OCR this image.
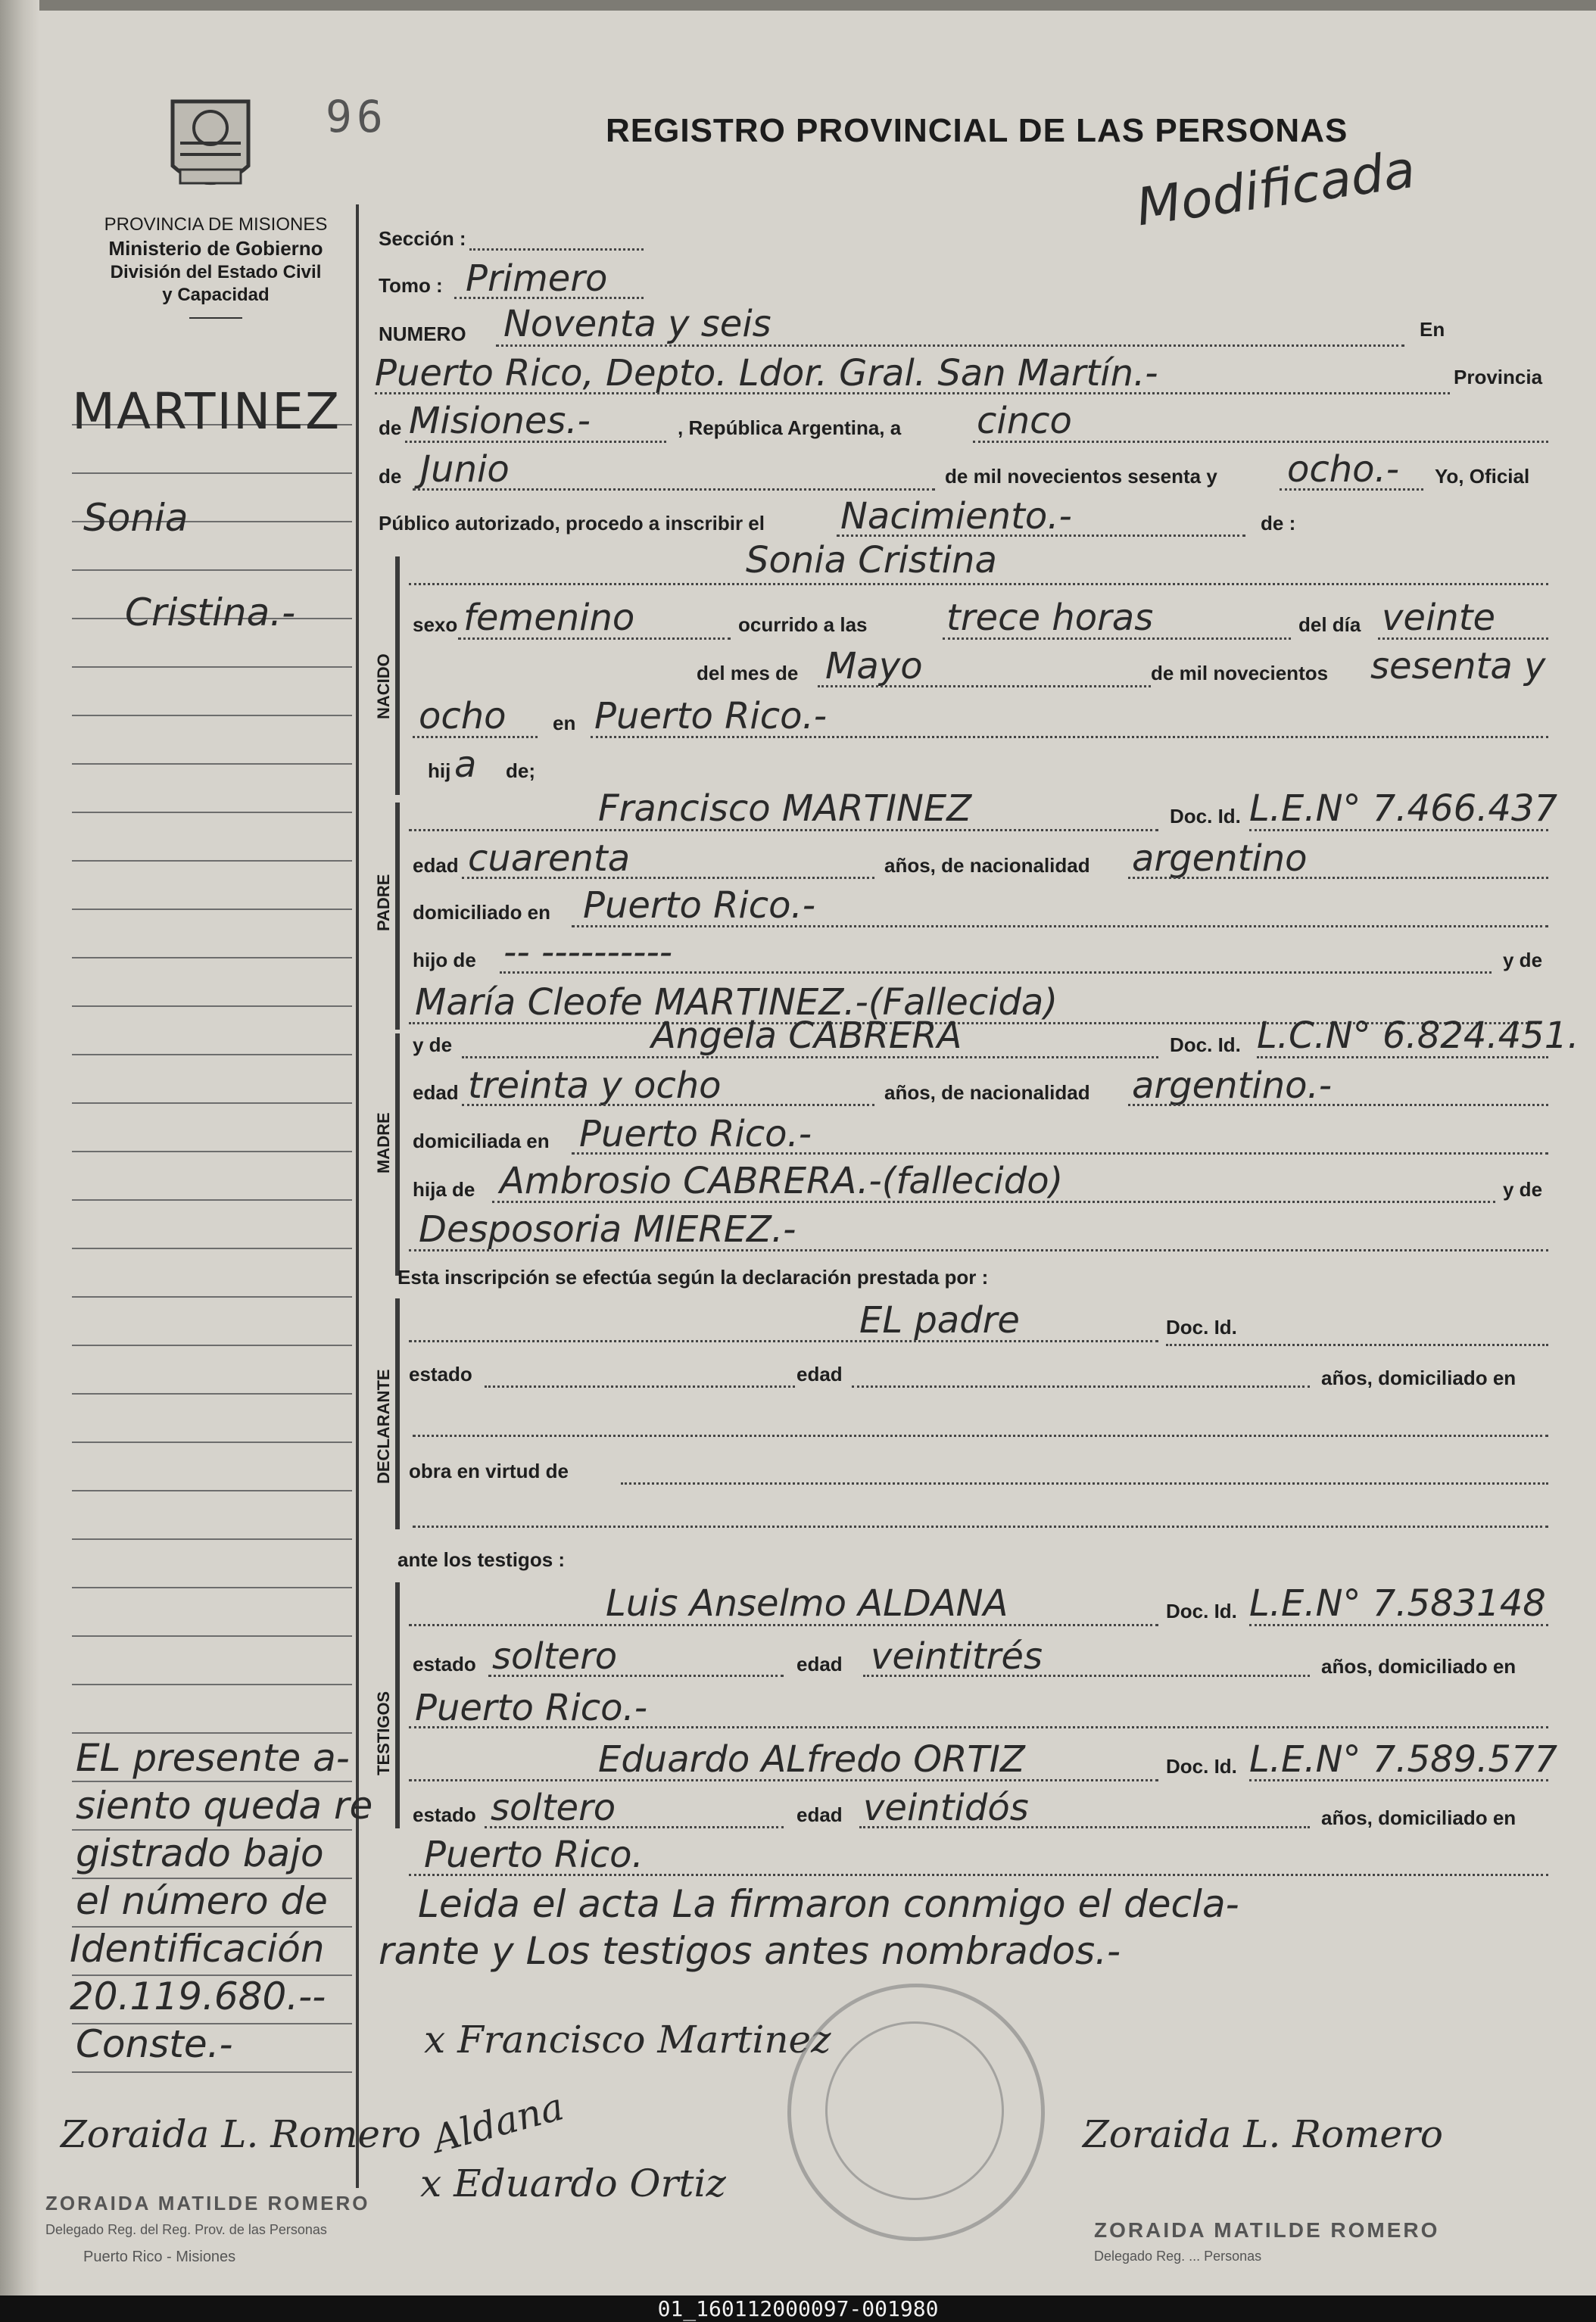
96	REGISTRO PROVINCIAL DE LAS PERSONAS
Modificada
PROVINCIA DE MISIONES
Ministerio de Gobierno
División del Estado Civil
y Capacidad
MARTINEZ
Sonia
Cristina.-
EL presente a-
siento queda re
gistrado bajo
el número de
Identificación
20.119.680.--
Conste.-
Zoraida L. Romero
ZORAIDA MATILDE ROMERO
Delegado Reg. del Reg. Prov. de las Personas
Puerto Rico - Misiones
Sección :
Tomo : Primero
NUMERO Noventa y seis	En
Puerto Rico, Depto. Ldor. Gral. San Martín.-	Provincia
de Misiones.-	, República Argentina, a cinco
de Junio	de mil novecientos sesenta y ocho.- Yo, Oficial
Público autorizado, procedo a inscribir el Nacimiento.-	de :
NACIDO
Sonia Cristina
sexo femenino	ocurrido a las trece horas	del día veinte
del mes de Mayo	de mil novecientos sesenta y
ocho en Puerto Rico.-
hij a de;
PADRE
Francisco MARTINEZ	Doc. Id. L.E.N° 7.466.437
edad cuarenta	años, de nacionalidad argentino
domiciliado en Puerto Rico.-
hijo de -- ----------	y de
María Cleofe MARTINEZ.-(Fallecida)
MADRE
y de	Angela CABRERA	Doc. Id. L.C.N° 6.824.451.
edad treinta y ocho	años, de nacionalidad argentino.-
domiciliada en Puerto Rico.-
hija de Ambrosio CABRERA.-(fallecido)	y de
Desposoria MIEREZ.-
Esta inscripción se efectúa según la declaración prestada por :
DECLARANTE
EL padre	Doc. Id.
estado	edad	años, domiciliado en
obra en virtud de
ante los testigos :
TESTIGOS
Luis Anselmo ALDANA	Doc. Id. L.E.N° 7.583148
estado soltero	edad veintitrés	años, domiciliado en
Puerto Rico.-
Eduardo ALfredo ORTIZ	Doc. Id. L.E.N° 7.589.577
estado soltero	edad veintidós	años, domiciliado en
Puerto Rico.
Leida el acta La firmaron conmigo el decla-
rante y Los testigos antes nombrados.-
x Francisco Martinez
Aldana
x Eduardo Ortiz
Zoraida L. Romero
ZORAIDA MATILDE ROMERO
Delegado Reg. ... Personas
01_160112000097-001980
